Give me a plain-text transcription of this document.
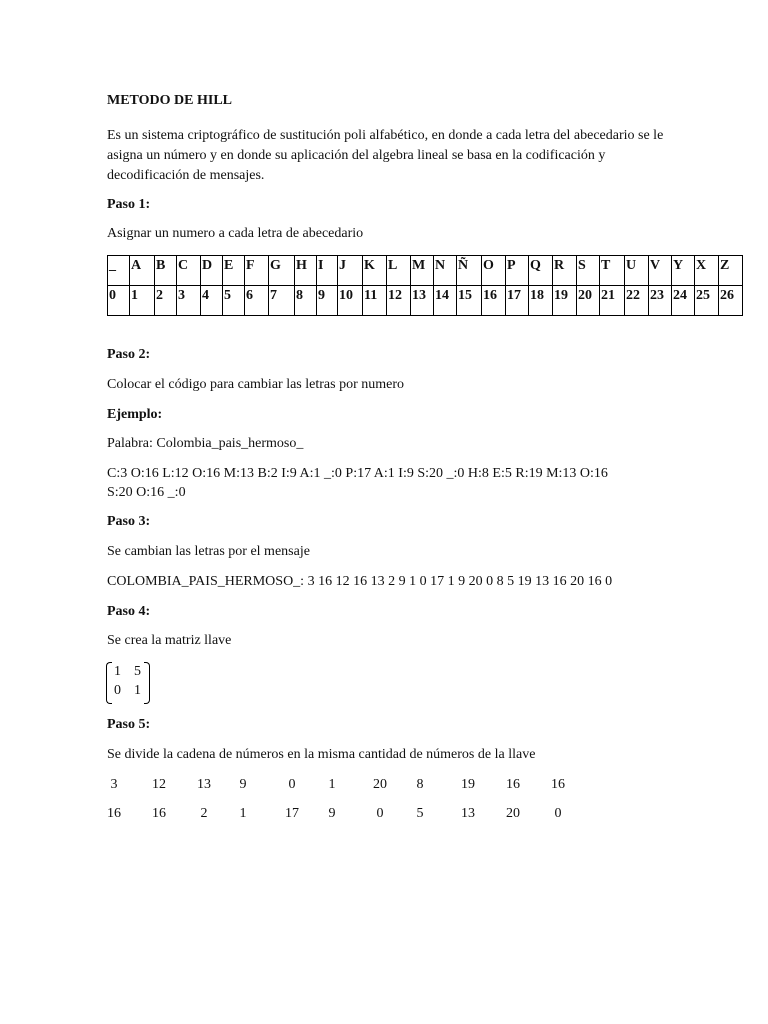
METODO DE HILL
Es un sistema criptográfico de sustitución poli alfabético, en donde a cada letra del abecedario se le asigna un número y en donde su aplicación del algebra lineal se basa en la codificación y decodificación de mensajes.
Paso 1:
Asignar un numero a cada letra de abecedario
_	A	B	C	D	E	F	G	H	I	J	K	L	M	N	Ñ	O	P	Q	R	S	T	U	V	Y	X	Z
0	1	2	3	4	5	6	7	8	9	10	11	12	13	14	15	16	17	18	19	20	21	22	23	24	25	26
Paso 2:
Colocar el código para cambiar las letras por numero
Ejemplo:
Palabra: Colombia_pais_hermoso_
C:3 O:16 L:12 O:16 M:13 B:2 I:9 A:1 _:0 P:17 A:1 I:9 S:20 _:0 H:8 E:5 R:19 M:13 O:16
S:20 O:16 _:0
Paso 3:
Se cambian las letras por el mensaje
COLOMBIA_PAIS_HERMOSO_: 3 16 12 16 13 2 9 1 0 17 1 9 20 0 8 5 19 13 16 20 16 0
Paso 4:
Se crea la matriz llave
1 5
0 1
Paso 5:
Se divide la cadena de números en la misma cantidad de números de la llave
3	12	13	9	0	1	20	8	19	16	16
16	16	2	1	17	9	0	5	13	20	0
